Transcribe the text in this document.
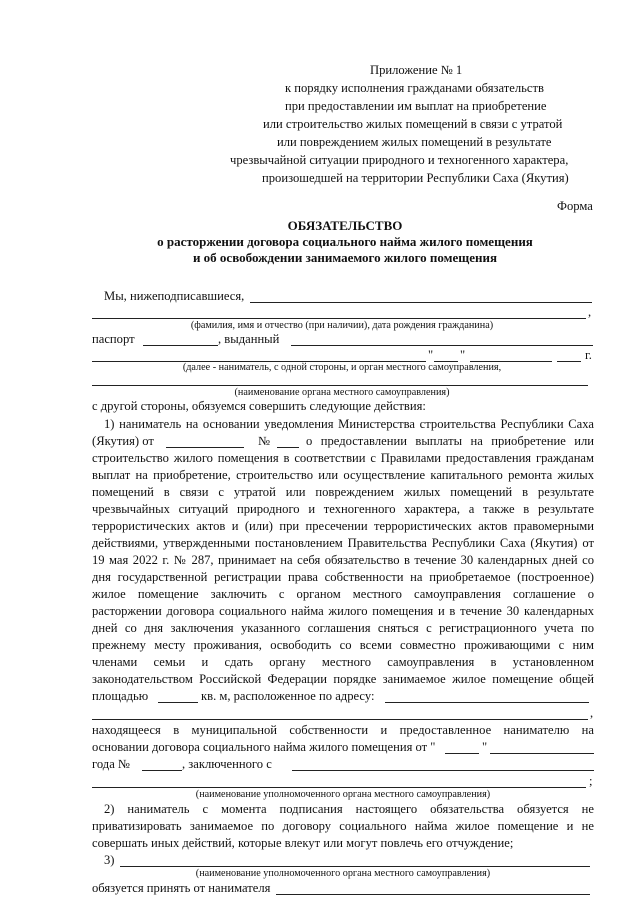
Приложение № 1
к порядку исполнения гражданами обязательств
при предоставлении им выплат на приобретение
или строительство жилых помещений в связи с утратой
или повреждением жилых помещений в результате
чрезвычайной ситуации природного и техногенного характера,
произошедшей на территории Республики Саха (Якутия)
Форма
ОБЯЗАТЕЛЬСТВО
о расторжении договора социального найма жилого помещения
и об освобождении занимаемого жилого помещения
Мы, нижеподписавшиеся,
,
(фамилия, имя и отчество (при наличии), дата рождения гражданина)
паспорт	, выданный
" "	г.
(далее - наниматель, с одной стороны, и орган местного самоуправления,
(наименование органа местного самоуправления)
с другой стороны, обязуемся совершить следующие действия:
1) наниматель на основании уведомления Министерства строительства Республики Саха
(Якутия) от	№	о предоставлении выплаты на приобретение или
строительство жилого помещения в соответствии с Правилами предоставления гражданам
выплат на приобретение, строительство или осуществление капитального ремонта жилых
помещений в связи с утратой или повреждением жилых помещений в результате
чрезвычайных ситуаций природного и техногенного характера, а также в результате
террористических актов и (или) при пресечении террористических актов правомерными
действиями, утвержденными постановлением Правительства Республики Саха (Якутия) от
19 мая 2022 г. № 287, принимает на себя обязательство в течение 30 календарных дней со
дня государственной регистрации права собственности на приобретаемое (построенное)
жилое помещение заключить с органом местного самоуправления соглашение о
расторжении договора социального найма жилого помещения и в течение 30 календарных
дней со дня заключения указанного соглашения сняться с регистрационного учета по
прежнему месту проживания, освободить со всеми совместно проживающими с ним
членами семьи и сдать органу местного самоуправления в установленном
законодательством Российской Федерации порядке занимаемое жилое помещение общей
площадью	кв. м, расположенное по адресу:
,
находящееся в муниципальной собственности и предоставленное нанимателю на
основании договора социального найма жилого помещения от "	"
года №	, заключенного с
;
(наименование уполномоченного органа местного самоуправления)
2) наниматель с момента подписания настоящего обязательства обязуется не
приватизировать занимаемое по договору социального найма жилое помещение и не
совершать иных действий, которые влекут или могут повлечь его отчуждение;
3)
(наименование уполномоченного органа местного самоуправления)
обязуется принять от нанимателя
